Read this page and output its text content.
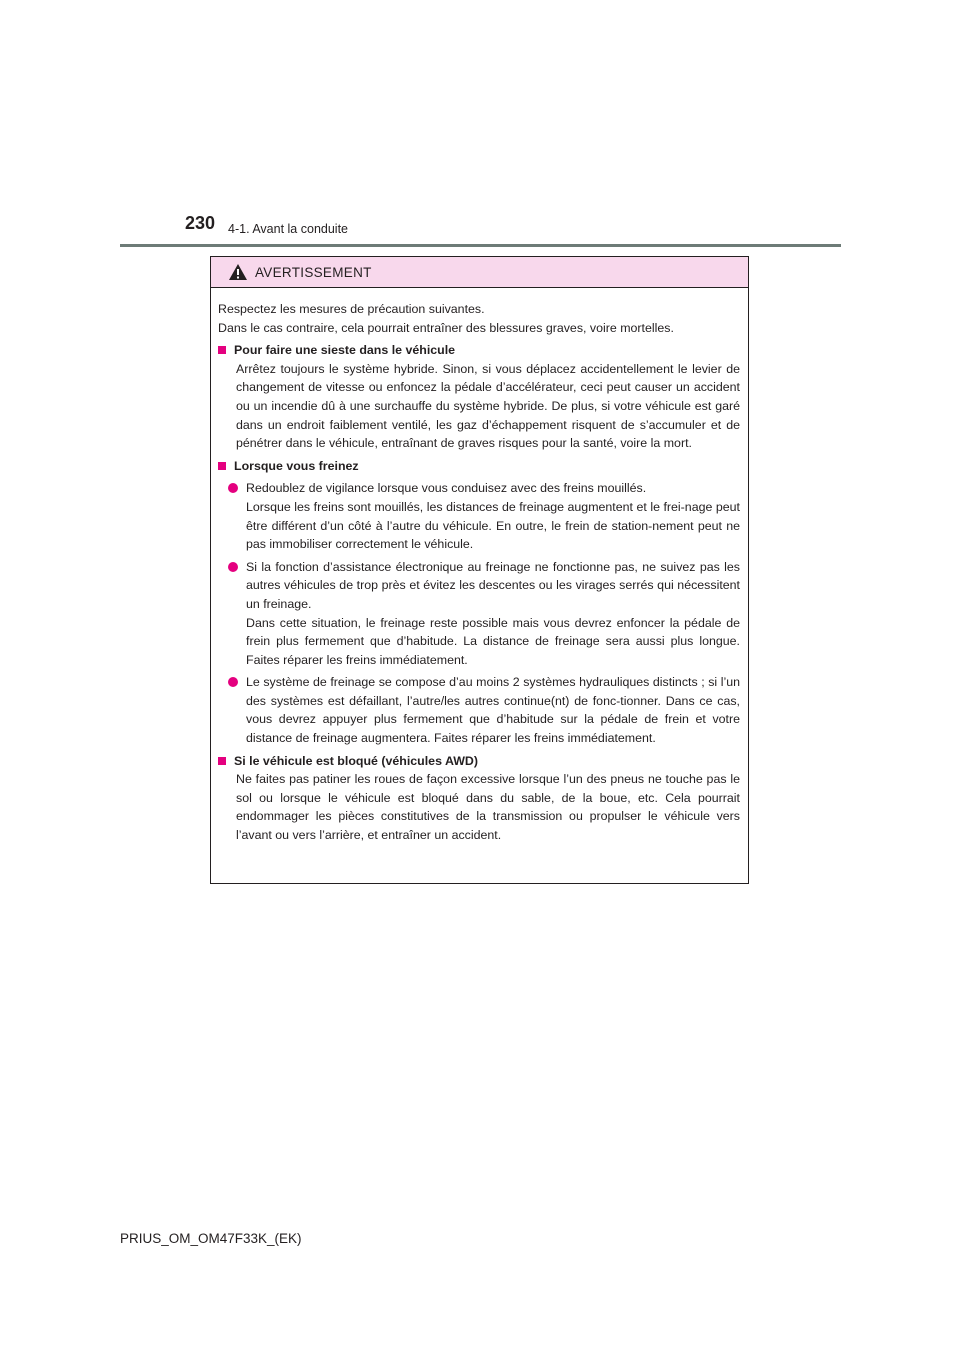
230 4-1. Avant la conduite
AVERTISSEMENT

Respectez les mesures de précaution suivantes.

Dans le cas contraire, cela pourrait entraîner des blessures graves, voire mortelles.

Pour faire une sieste dans le véhicule

Arrêtez toujours le système hybride. Sinon, si vous déplacez accidentellement le levier de changement de vitesse ou enfoncez la pédale d’accélérateur, ceci peut causer un accident ou un incendie dû à une surchauffe du système hybride. De plus, si votre véhicule est garé dans un endroit faiblement ventilé, les gaz d’échappement risquent de s’accumuler et de pénétrer dans le véhicule, entraînant de graves risques pour la santé, voire la mort.

Lorsque vous freinez

Redoublez de vigilance lorsque vous conduisez avec des freins mouillés.

Lorsque les freins sont mouillés, les distances de freinage augmentent et le frei-nage peut être différent d’un côté à l’autre du véhicule. En outre, le frein de station-nement peut ne pas immobiliser correctement le véhicule.

Si la fonction d’assistance électronique au freinage ne fonctionne pas, ne suivez pas les autres véhicules de trop près et évitez les descentes ou les virages serrés qui nécessitent un freinage.

Dans cette situation, le freinage reste possible mais vous devrez enfoncer la pédale de frein plus fermement que d’habitude. La distance de freinage sera aussi plus longue. Faites réparer les freins immédiatement.

Le système de freinage se compose d’au moins 2 systèmes hydrauliques distincts ; si l’un des systèmes est défaillant, l’autre/les autres continue(nt) de fonc-tionner. Dans ce cas, vous devrez appuyer plus fermement que d’habitude sur la pédale de frein et votre distance de freinage augmentera. Faites réparer les freins immédiatement.

Si le véhicule est bloqué (véhicules AWD)

Ne faites pas patiner les roues de façon excessive lorsque l’un des pneus ne touche pas le sol ou lorsque le véhicule est bloqué dans du sable, de la boue, etc. Cela pourrait endommager les pièces constitutives de la transmission ou propulser le véhicule vers l’avant ou vers l’arrière, et entraîner un accident.

PRIUS_OM_OM47F33K_(EK)
